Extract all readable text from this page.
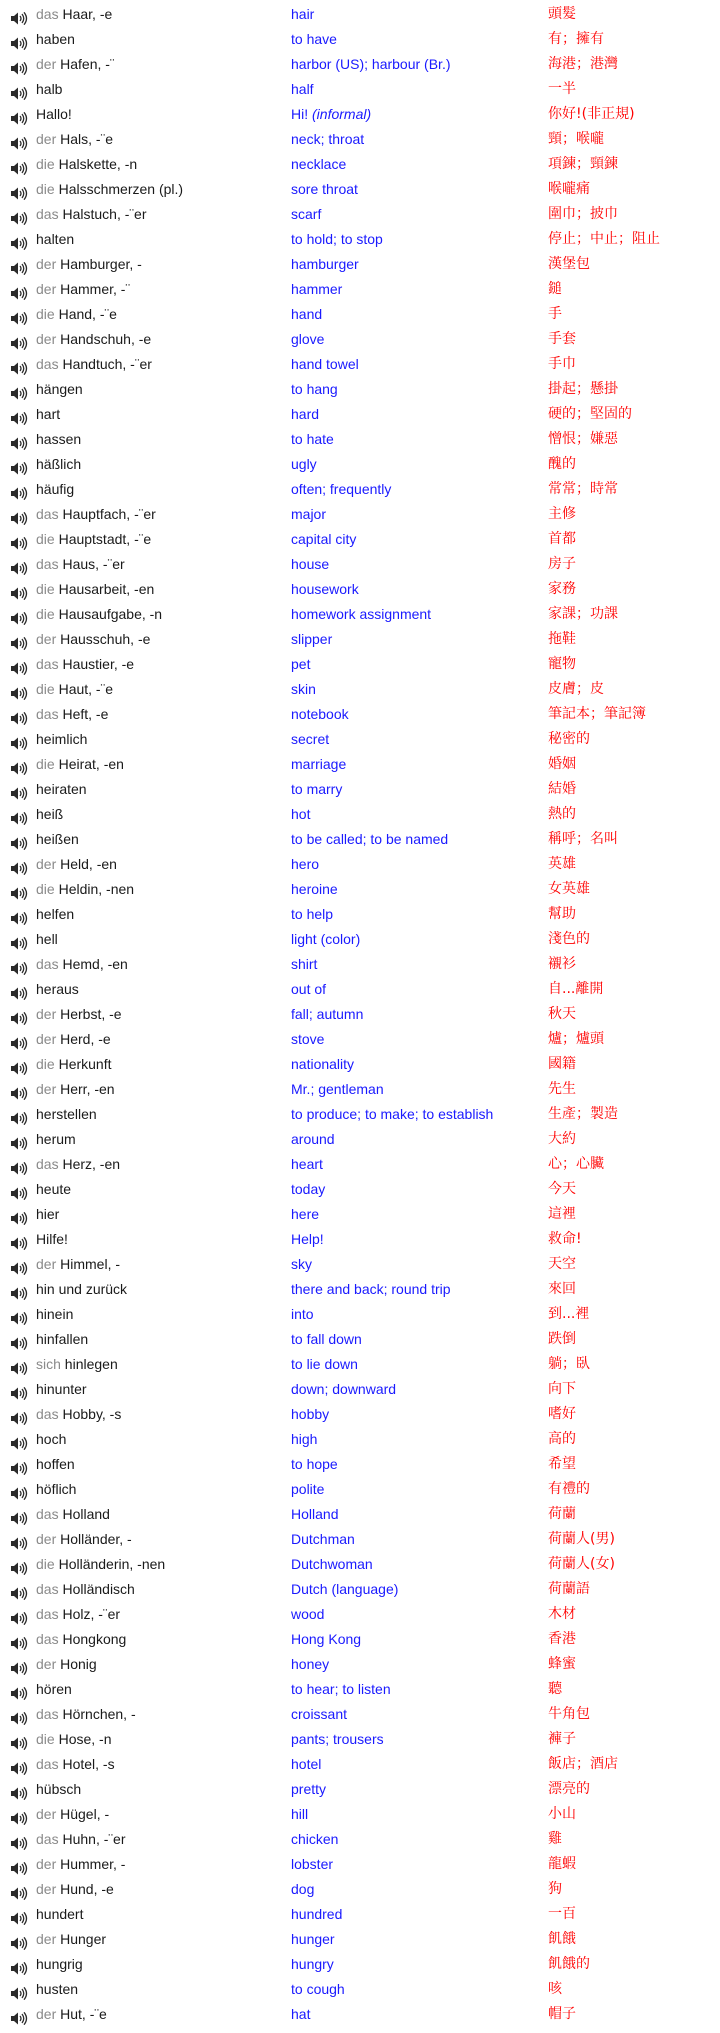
das Haar, -e	hair	頭髮
haben	to have	有；擁有
der Hafen, -¨	harbor (US); harbour (Br.)	海港；港灣
halb	half	一半
Hallo!	Hi! (informal)	你好!(非正規)
der Hals, -¨e	neck; throat	頸；喉嚨
die Halskette, -n	necklace	項鍊；頸鍊
die Halsschmerzen (pl.)	sore throat	喉嚨痛
das Halstuch, -¨er	scarf	圍巾；披巾
halten	to hold; to stop	停止；中止；阻止
der Hamburger, -	hamburger	漢堡包
der Hammer, -¨	hammer	鎚
die Hand, -¨e	hand	手
der Handschuh, -e	glove	手套
das Handtuch, -¨er	hand towel	手巾
hängen	to hang	掛起；懸掛
hart	hard	硬的；堅固的
hassen	to hate	憎恨；嫌惡
häßlich	ugly	醜的
häufig	often; frequently	常常；時常
das Hauptfach, -¨er	major	主修
die Hauptstadt, -¨e	capital city	首都
das Haus, -¨er	house	房子
die Hausarbeit, -en	housework	家務
die Hausaufgabe, -n	homework assignment	家課；功課
der Hausschuh, -e	slipper	拖鞋
das Haustier, -e	pet	寵物
die Haut, -¨e	skin	皮膚；皮
das Heft, -e	notebook	筆記本；筆記簿
heimlich	secret	秘密的
die Heirat, -en	marriage	婚姻
heiraten	to marry	結婚
heiß	hot	熱的
heißen	to be called; to be named	稱呼；名叫
der Held, -en	hero	英雄
die Heldin, -nen	heroine	女英雄
helfen	to help	幫助
hell	light (color)	淺色的
das Hemd, -en	shirt	襯衫
heraus	out of	自...離開
der Herbst, -e	fall; autumn	秋天
der Herd, -e	stove	爐；爐頭
die Herkunft	nationality	國籍
der Herr, -en	Mr.; gentleman	先生
herstellen	to produce; to make; to establish	生產；製造
herum	around	大約
das Herz, -en	heart	心；心臟
heute	today	今天
hier	here	這裡
Hilfe!	Help!	救命!
der Himmel, -	sky	天空
hin und zurück	there and back; round trip	來回
hinein	into	到...裡
hinfallen	to fall down	跌倒
sich hinlegen	to lie down	躺；臥
hinunter	down; downward	向下
das Hobby, -s	hobby	嗜好
hoch	high	高的
hoffen	to hope	希望
höflich	polite	有禮的
das Holland	Holland	荷蘭
der Holländer, -	Dutchman	荷蘭人(男)
die Holländerin, -nen	Dutchwoman	荷蘭人(女)
das Holländisch	Dutch (language)	荷蘭語
das Holz, -¨er	wood	木材
das Hongkong	Hong Kong	香港
der Honig	honey	蜂蜜
hören	to hear; to listen	聽
das Hörnchen, -	croissant	牛角包
die Hose, -n	pants; trousers	褲子
das Hotel, -s	hotel	飯店；酒店
hübsch	pretty	漂亮的
der Hügel, -	hill	小山
das Huhn, -¨er	chicken	雞
der Hummer, -	lobster	龍蝦
der Hund, -e	dog	狗
hundert	hundred	一百
der Hunger	hunger	飢餓
hungrig	hungry	飢餓的
husten	to cough	咳
der Hut, -¨e	hat	帽子
